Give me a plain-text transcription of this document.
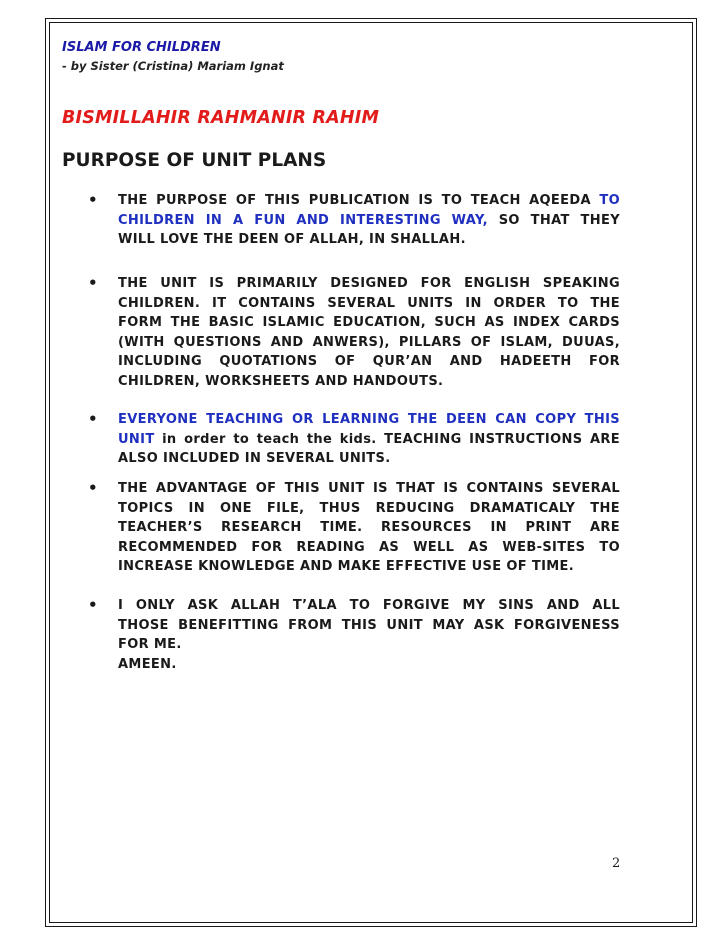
ISLAM FOR CHILDREN
- by Sister (Cristina) Mariam Ignat
BISMILLAHIR RAHMANIR RAHIM
PURPOSE OF UNIT PLANS
•	THE PURPOSE OF THIS PUBLICATION IS TO TEACH AQEEDA TO
CHILDREN IN A FUN AND INTERESTING WAY, SO THAT THEY
WILL LOVE THE DEEN OF ALLAH, IN SHALLAH.
•	THE UNIT IS PRIMARILY DESIGNED FOR ENGLISH SPEAKING
CHILDREN. IT CONTAINS SEVERAL UNITS IN ORDER TO THE
FORM THE BASIC ISLAMIC EDUCATION, SUCH AS INDEX CARDS
(WITH QUESTIONS AND ANWERS), PILLARS OF ISLAM, DUUAS,
INCLUDING QUOTATIONS OF QUR’AN AND HADEETH FOR
CHILDREN, WORKSHEETS AND HANDOUTS.
•	EVERYONE TEACHING OR LEARNING THE DEEN CAN COPY THIS
UNIT in order to teach the kids. TEACHING INSTRUCTIONS ARE
ALSO INCLUDED IN SEVERAL UNITS.
•	THE ADVANTAGE OF THIS UNIT IS THAT IS CONTAINS SEVERAL
TOPICS IN ONE FILE, THUS REDUCING DRAMATICALY THE
TEACHER’S RESEARCH TIME. RESOURCES IN PRINT ARE
RECOMMENDED FOR READING AS WELL AS WEB-SITES TO
INCREASE KNOWLEDGE AND MAKE EFFECTIVE USE OF TIME.
•	I ONLY ASK ALLAH T’ALA TO FORGIVE MY SINS AND ALL
THOSE BENEFITTING FROM THIS UNIT MAY ASK FORGIVENESS
FOR ME.
AMEEN.
2
